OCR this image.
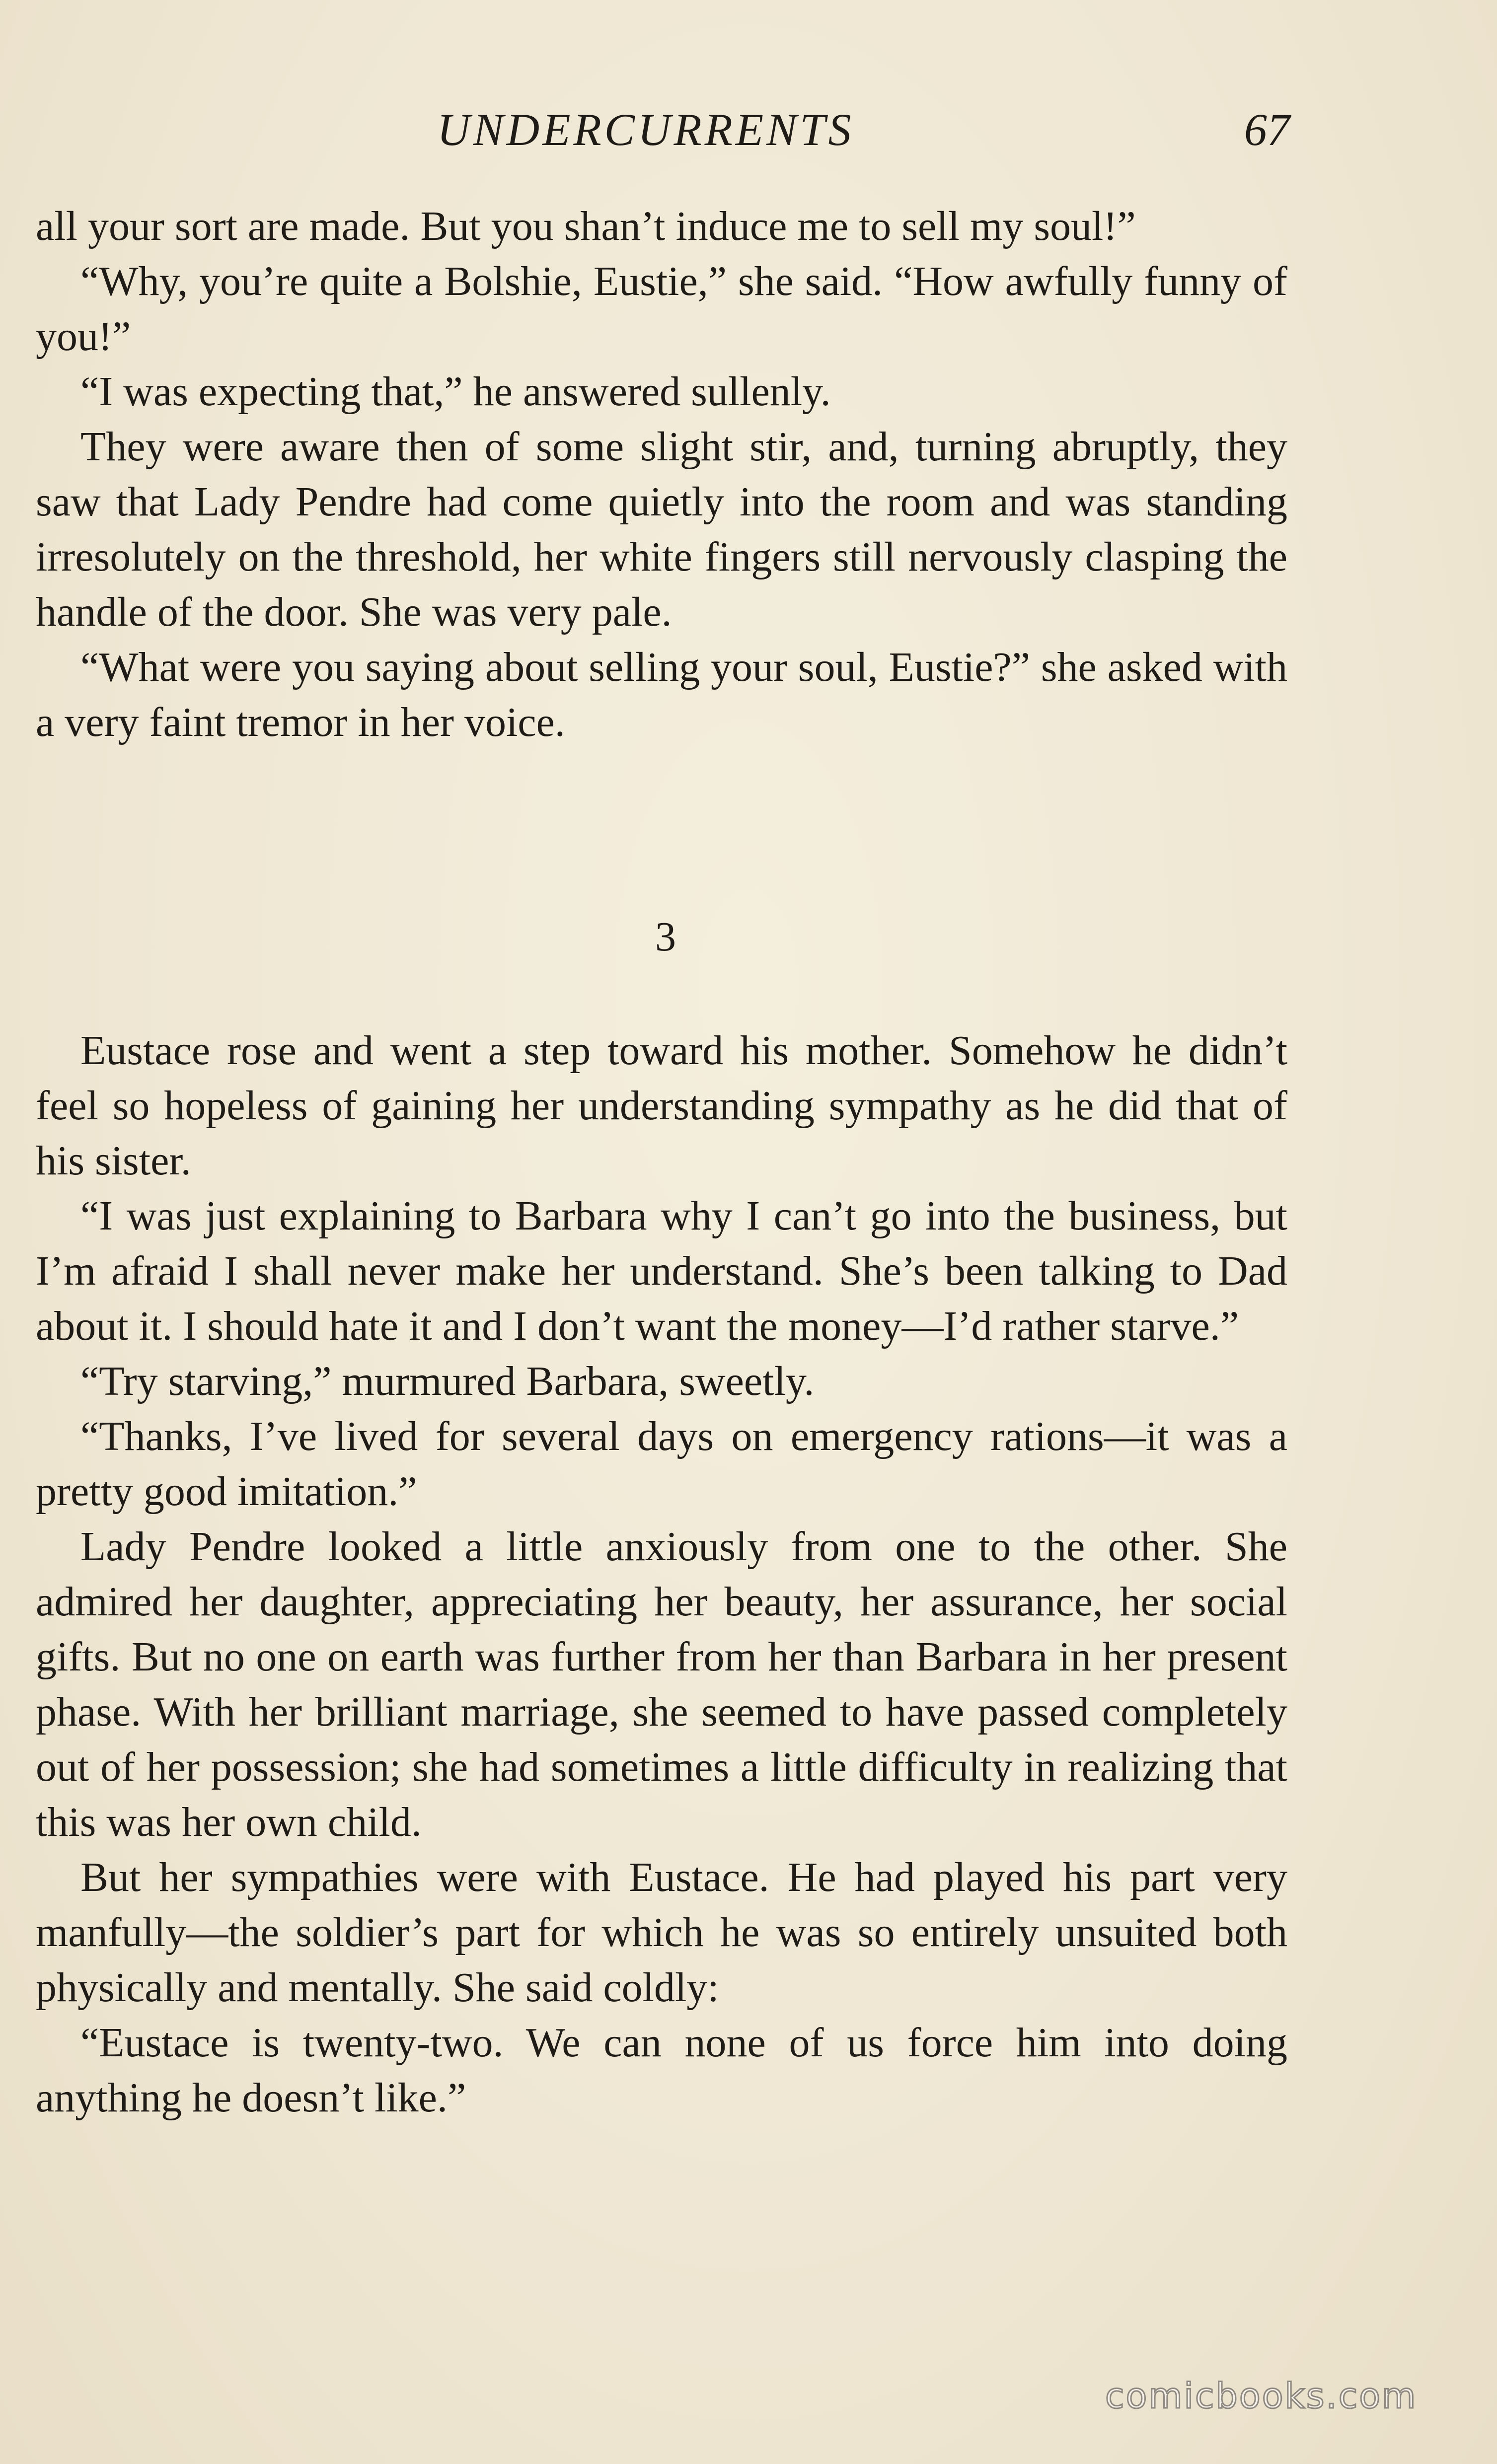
UNDERCURRENTS	67

all your sort are made. But you shan’t induce me to sell my soul!”

“Why, you’re quite a Bolshie, Eustie,” she said. “How awfully funny of you!”

“I was expecting that,” he answered sullenly.

They were aware then of some slight stir, and, turning abruptly, they saw that Lady Pendre had come quietly into the room and was standing irresolutely on the threshold, her white fingers still nervously clasping the handle of the door. She was very pale.

“What were you saying about selling your soul, Eustie?” she asked with a very faint tremor in her voice.

3

Eustace rose and went a step toward his mother. Somehow he didn’t feel so hopeless of gaining her understanding sympathy as he did that of his sister.

“I was just explaining to Barbara why I can’t go into the business, but I’m afraid I shall never make her understand. She’s been talking to Dad about it. I should hate it and I don’t want the money—I’d rather starve.”

“Try starving,” murmured Barbara, sweetly.

“Thanks, I’ve lived for several days on emergency rations—it was a pretty good imitation.”

Lady Pendre looked a little anxiously from one to the other. She admired her daughter, appreciating her beauty, her assurance, her social gifts. But no one on earth was further from her than Barbara in her present phase. With her brilliant marriage, she seemed to have passed completely out of her possession; she had sometimes a little difficulty in realizing that this was her own child.

But her sympathies were with Eustace. He had played his part very manfully—the soldier’s part for which he was so entirely unsuited both physically and mentally. She said coldly:

“Eustace is twenty-two. We can none of us force him into doing anything he doesn’t like.”

comicbooks.com
